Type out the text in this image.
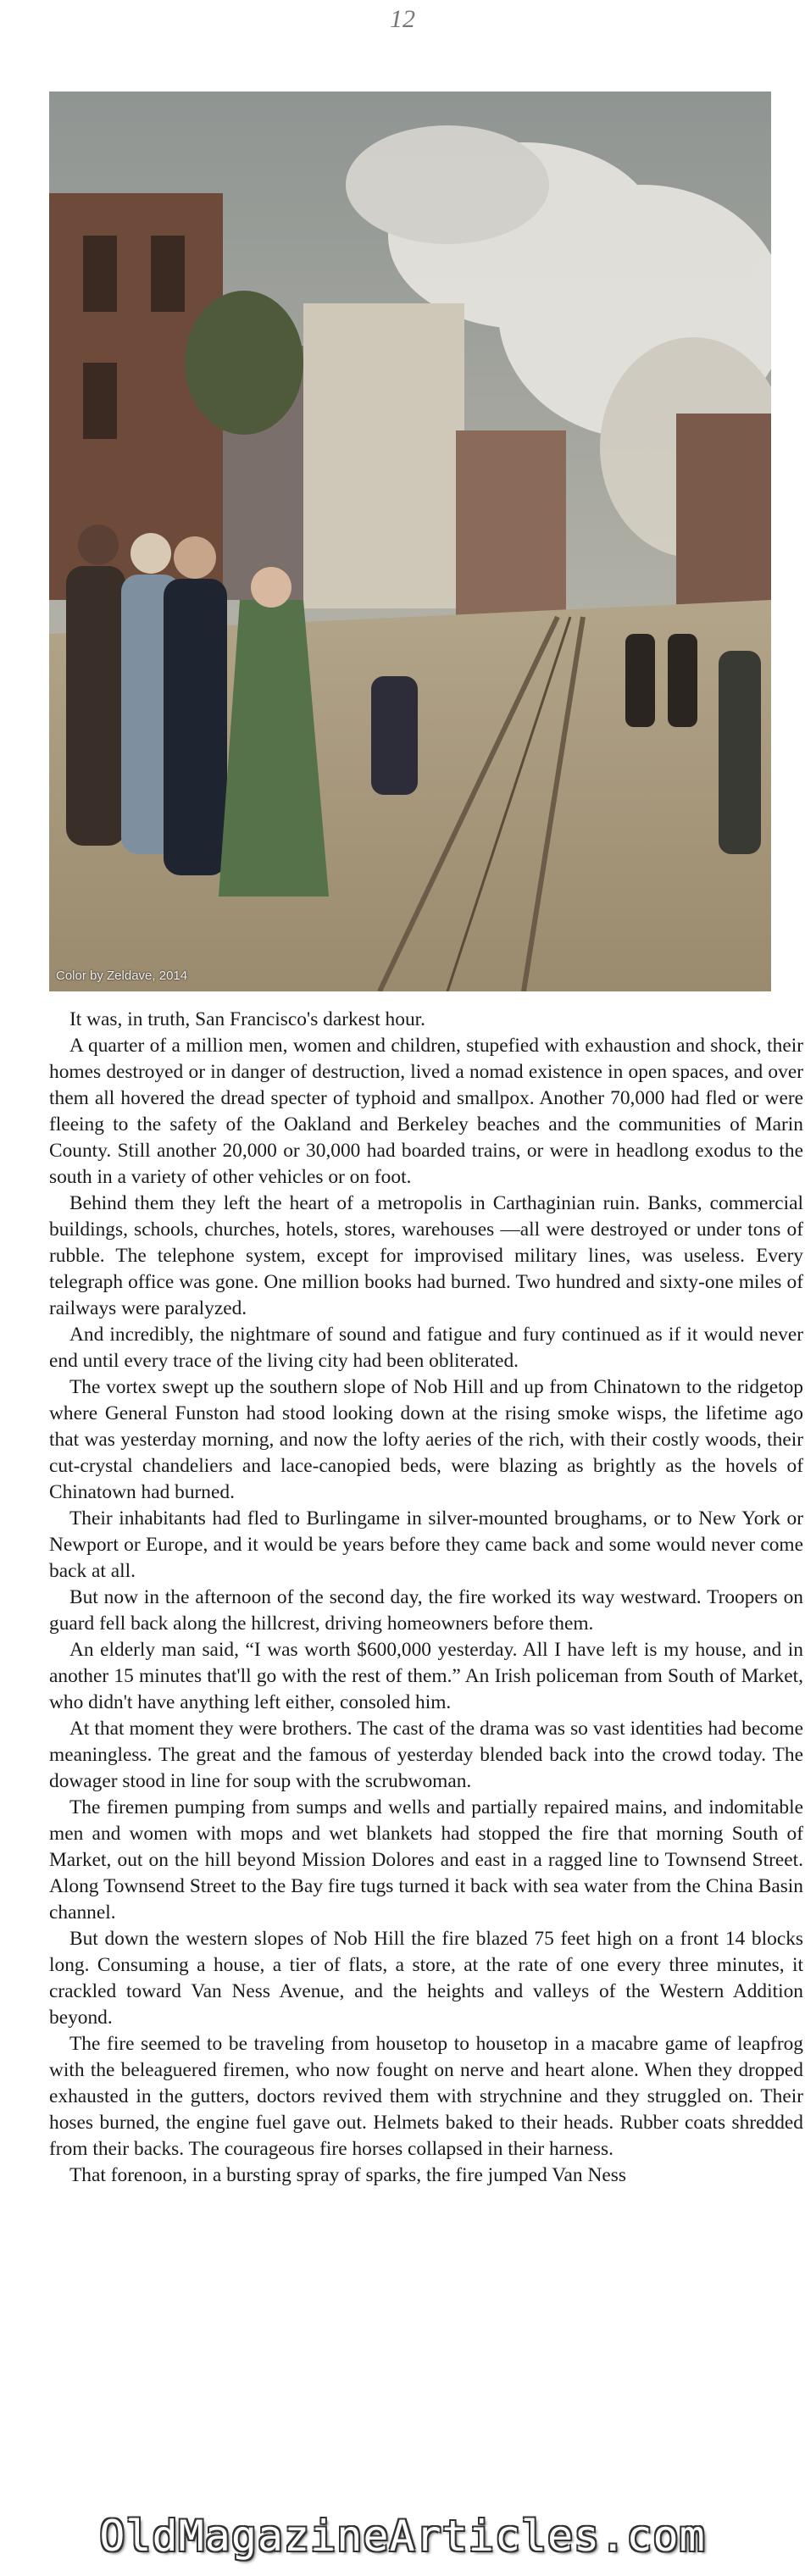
12
Color by Zeldave, 2014

It was, in truth, San Francisco's darkest hour.

A quarter of a million men, women and children, stupefied with exhaustion and shock, their homes destroyed or in danger of destruction, lived a nomad existence in open spaces, and over them all hovered the dread specter of typhoid and smallpox. Another 70,000 had fled or were fleeing to the safety of the Oakland and Berkeley beaches and the communities of Marin County. Still another 20,000 or 30,000 had boarded trains, or were in headlong exodus to the south in a variety of other vehicles or on foot.

Behind them they left the heart of a metropolis in Carthaginian ruin. Banks, commercial buildings, schools, churches, hotels, stores, warehouses —all were destroyed or under tons of rubble. The telephone system, except for improvised military lines, was useless. Every telegraph office was gone. One million books had burned. Two hundred and sixty-one miles of railways were paralyzed.

And incredibly, the nightmare of sound and fatigue and fury continued as if it would never end until every trace of the living city had been obliterated.

The vortex swept up the southern slope of Nob Hill and up from Chinatown to the ridgetop where General Funston had stood looking down at the rising smoke wisps, the lifetime ago that was yesterday morning, and now the lofty aeries of the rich, with their costly woods, their cut-crystal chandeliers and lace-canopied beds, were blazing as brightly as the hovels of Chinatown had burned.

Their inhabitants had fled to Burlingame in silver-mounted broughams, or to New York or Newport or Europe, and it would be years before they came back and some would never come back at all.

But now in the afternoon of the second day, the fire worked its way westward. Troopers on guard fell back along the hillcrest, driving homeowners before them.

An elderly man said, “I was worth $600,000 yesterday. All I have left is my house, and in another 15 minutes that'll go with the rest of them.” An Irish policeman from South of Market, who didn't have anything left either, consoled him.

At that moment they were brothers. The cast of the drama was so vast identities had become meaningless. The great and the famous of yesterday blended back into the crowd today. The dowager stood in line for soup with the scrubwoman.

The firemen pumping from sumps and wells and partially repaired mains, and indomitable men and women with mops and wet blankets had stopped the fire that morning South of Market, out on the hill beyond Mission Dolores and east in a ragged line to Townsend Street. Along Townsend Street to the Bay fire tugs turned it back with sea water from the China Basin channel.

But down the western slopes of Nob Hill the fire blazed 75 feet high on a front 14 blocks long. Consuming a house, a tier of flats, a store, at the rate of one every three minutes, it crackled toward Van Ness Avenue, and the heights and valleys of the Western Addition beyond.

The fire seemed to be traveling from housetop to housetop in a macabre game of leapfrog with the beleaguered firemen, who now fought on nerve and heart alone. When they dropped exhausted in the gutters, doctors revived them with strychnine and they struggled on. Their hoses burned, the engine fuel gave out. Helmets baked to their heads. Rubber coats shredded from their backs. The courageous fire horses collapsed in their harness.

That forenoon, in a bursting spray of sparks, the fire jumped Van Ness

OldMagazineArticles.com
